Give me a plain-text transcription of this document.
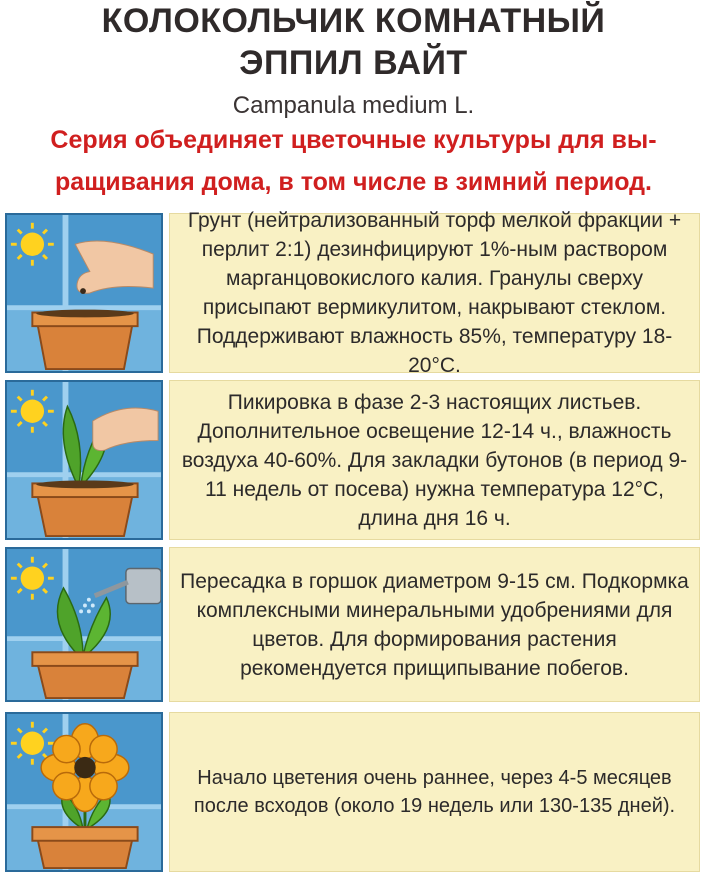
КОЛОКОЛЬЧИК КОМНАТНЫЙ
ЭППИЛ ВАЙТ
Campanula medium L.
Серия объединяет цветочные культуры для вы-
ращивания дома, в том числе в зимний период.
Грунт (нейтрализованный торф мелкой фракции + перлит 2:1) дезинфицируют 1%-ным раствором марганцовокислого калия. Гранулы сверху присыпают вермикулитом, накрывают стеклом. Поддерживают влажность 85%, температуру 18-20°С.
Пикировка в фазе 2-3 настоящих листьев. Дополнительное освещение 12-14 ч., влажность воздуха 40-60%. Для закладки бутонов (в период 9-11 недель от посева) нужна температура 12°С, длина дня 16 ч.
Пересадка в горшок диаметром 9-15 см. Подкормка комплексными минеральными удобрениями для цветов. Для формирования растения рекомендуется прищипывание побегов.
Начало цветения очень раннее, через 4-5 месяцев после всходов (около 19 недель или 130-135 дней).
